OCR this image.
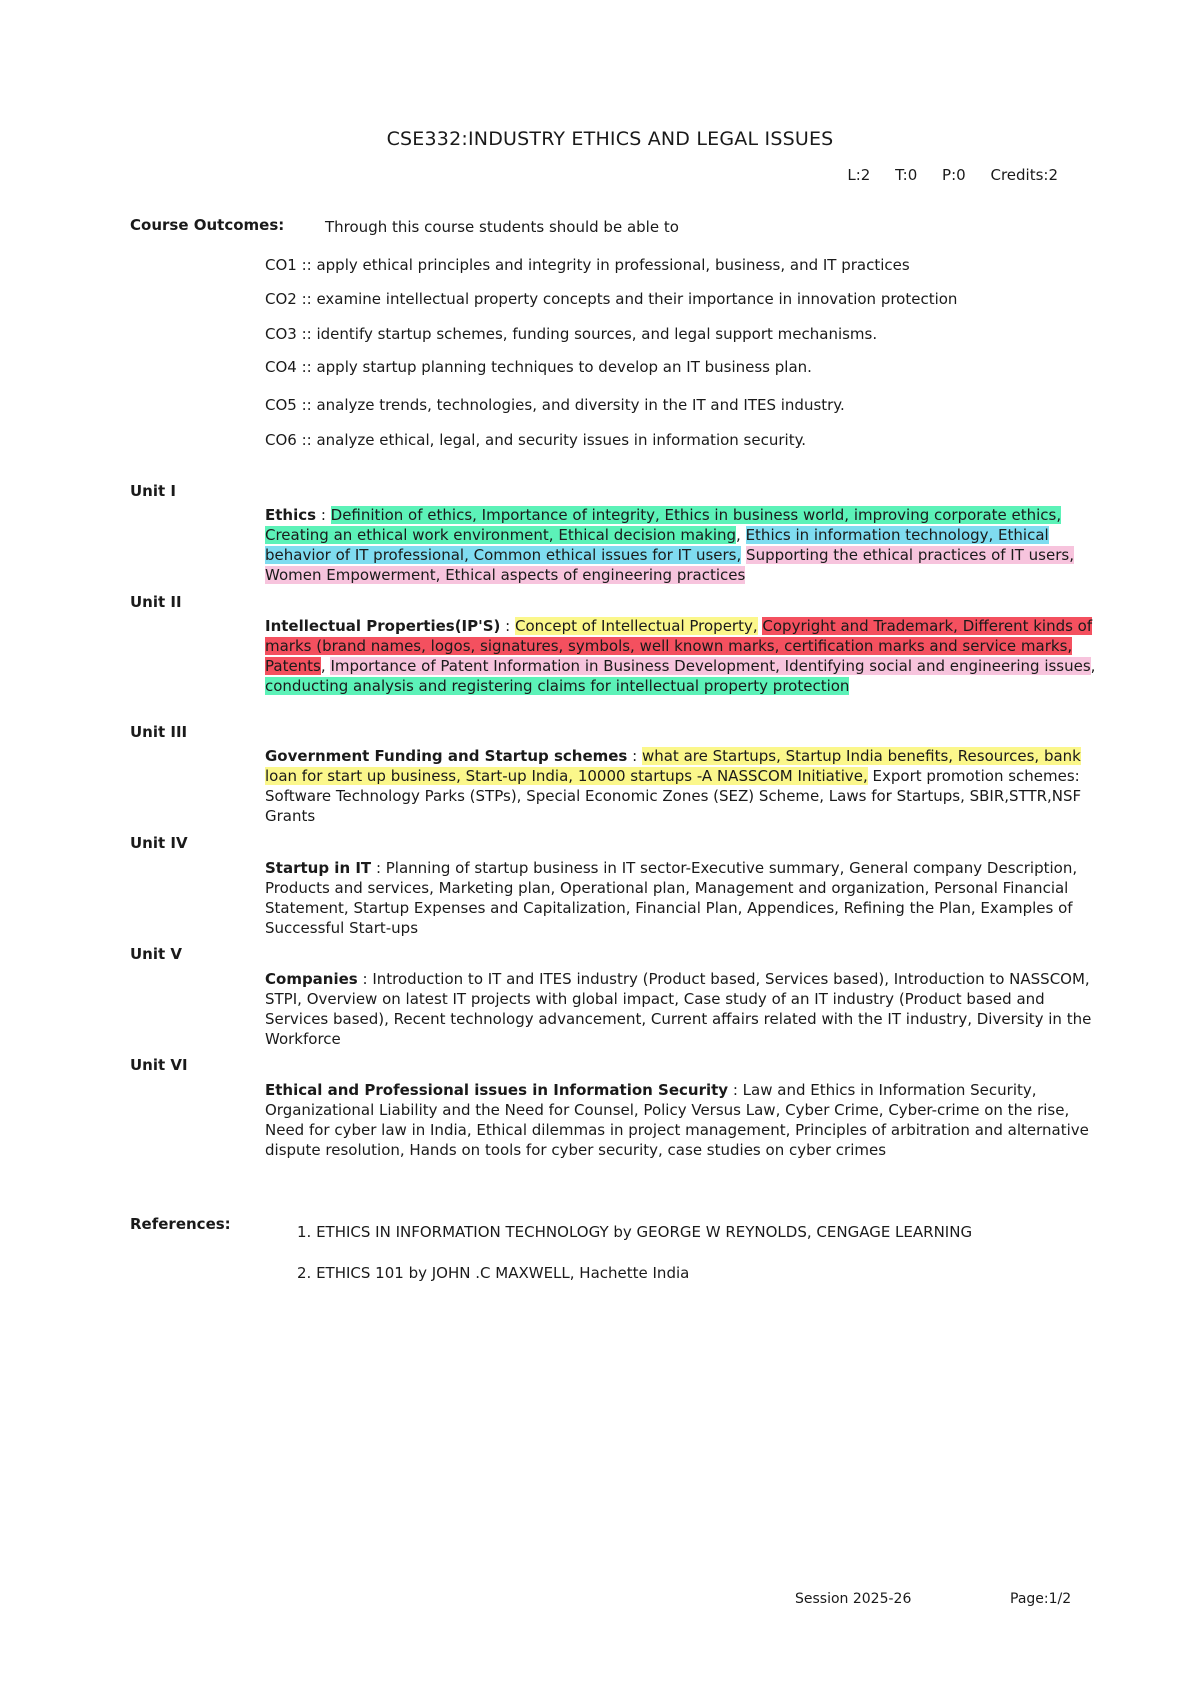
CSE332:INDUSTRY ETHICS AND LEGAL ISSUES
L:2 T:0 P:0 Credits:2
Course Outcomes:	Through this course students should be able to
CO1 :: apply ethical principles and integrity in professional, business, and IT practices
CO2 :: examine intellectual property concepts and their importance in innovation protection
CO3 :: identify startup schemes, funding sources, and legal support mechanisms.
CO4 :: apply startup planning techniques to develop an IT business plan.
CO5 :: analyze trends, technologies, and diversity in the IT and ITES industry.
CO6 :: analyze ethical, legal, and security issues in information security.
Unit I
Ethics : Definition of ethics, Importance of integrity, Ethics in business world, improving corporate ethics, Creating an ethical work environment, Ethical decision making, Ethics in information technology, Ethical behavior of IT professional, Common ethical issues for IT users, Supporting the ethical practices of IT users, Women Empowerment, Ethical aspects of engineering practices
Unit II
Intellectual Properties(IP'S) : Concept of Intellectual Property, Copyright and Trademark, Different kinds of marks (brand names, logos, signatures, symbols, well known marks, certification marks and service marks, Patents, Importance of Patent Information in Business Development, Identifying social and engineering issues, conducting analysis and registering claims for intellectual property protection
Unit III
Government Funding and Startup schemes : what are Startups, Startup India benefits, Resources, bank loan for start up business, Start-up India, 10000 startups -A NASSCOM Initiative, Export promotion schemes: Software Technology Parks (STPs), Special Economic Zones (SEZ) Scheme, Laws for Startups, SBIR,STTR,NSF Grants
Unit IV
Startup in IT : Planning of startup business in IT sector-Executive summary, General company Description, Products and services, Marketing plan, Operational plan, Management and organization, Personal Financial Statement, Startup Expenses and Capitalization, Financial Plan, Appendices, Refining the Plan, Examples of Successful Start-ups
Unit V
Companies : Introduction to IT and ITES industry (Product based, Services based), Introduction to NASSCOM, STPI, Overview on latest IT projects with global impact, Case study of an IT industry (Product based and Services based), Recent technology advancement, Current affairs related with the IT industry, Diversity in the Workforce
Unit VI
Ethical and Professional issues in Information Security : Law and Ethics in Information Security, Organizational Liability and the Need for Counsel, Policy Versus Law, Cyber Crime, Cyber-crime on the rise, Need for cyber law in India, Ethical dilemmas in project management, Principles of arbitration and alternative dispute resolution, Hands on tools for cyber security, case studies on cyber crimes
References:	1. ETHICS IN INFORMATION TECHNOLOGY by GEORGE W REYNOLDS, CENGAGE LEARNING
2. ETHICS 101 by JOHN .C MAXWELL, Hachette India
Session 2025-26	Page:1/2
